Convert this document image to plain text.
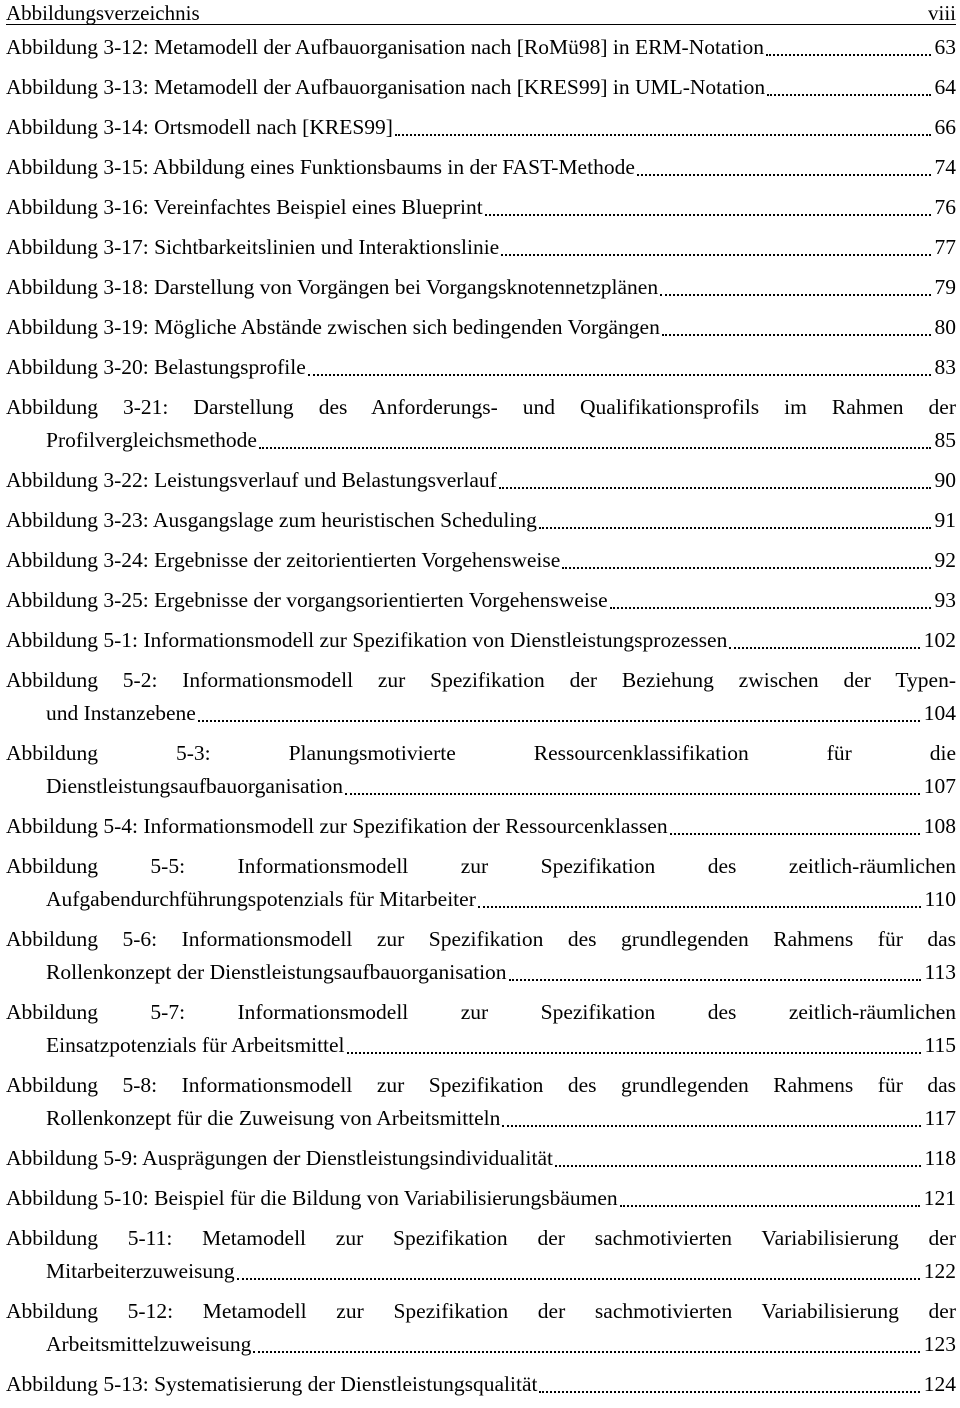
Abbildungsverzeichnis	viii
Abbildung 3-12: Metamodell der Aufbauorganisation nach [RoMü98] in ERM-Notation	63
Abbildung 3-13: Metamodell der Aufbauorganisation nach [KRES99] in UML-Notation	64
Abbildung 3-14: Ortsmodell nach [KRES99]	66
Abbildung 3-15: Abbildung eines Funktionsbaums in der FAST-Methode	74
Abbildung 3-16: Vereinfachtes Beispiel eines Blueprint	76
Abbildung 3-17: Sichtbarkeitslinien und Interaktionslinie	77
Abbildung 3-18: Darstellung von Vorgängen bei Vorgangsknotennetzplänen	79
Abbildung 3-19: Mögliche Abstände zwischen sich bedingenden Vorgängen	80
Abbildung 3-20: Belastungsprofile	83
Abbildung 3-21: Darstellung des Anforderungs- und Qualifikationsprofils im Rahmen der
Profilvergleichsmethode	85
Abbildung 3-22: Leistungsverlauf und Belastungsverlauf	90
Abbildung 3-23: Ausgangslage zum heuristischen Scheduling	91
Abbildung 3-24: Ergebnisse der zeitorientierten Vorgehensweise	92
Abbildung 3-25: Ergebnisse der vorgangsorientierten Vorgehensweise	93
Abbildung 5-1: Informationsmodell zur Spezifikation von Dienstleistungsprozessen	102
Abbildung 5-2: Informationsmodell zur Spezifikation der Beziehung zwischen der Typen-
und Instanzebene	104
Abbildung 5-3: Planungsmotivierte Ressourcenklassifikation für die
Dienstleistungsaufbauorganisation	107
Abbildung 5-4: Informationsmodell zur Spezifikation der Ressourcenklassen	108
Abbildung 5-5: Informationsmodell zur Spezifikation des zeitlich-räumlichen
Aufgabendurchführungspotenzials für Mitarbeiter	110
Abbildung 5-6: Informationsmodell zur Spezifikation des grundlegenden Rahmens für das
Rollenkonzept der Dienstleistungsaufbauorganisation	113
Abbildung 5-7: Informationsmodell zur Spezifikation des zeitlich-räumlichen
Einsatzpotenzials für Arbeitsmittel	115
Abbildung 5-8: Informationsmodell zur Spezifikation des grundlegenden Rahmens für das
Rollenkonzept für die Zuweisung von Arbeitsmitteln	117
Abbildung 5-9: Ausprägungen der Dienstleistungsindividualität	118
Abbildung 5-10: Beispiel für die Bildung von Variabilisierungsbäumen	121
Abbildung 5-11: Metamodell zur Spezifikation der sachmotivierten Variabilisierung der
Mitarbeiterzuweisung	122
Abbildung 5-12: Metamodell zur Spezifikation der sachmotivierten Variabilisierung der
Arbeitsmittelzuweisung	123
Abbildung 5-13: Systematisierung der Dienstleistungsqualität	124
